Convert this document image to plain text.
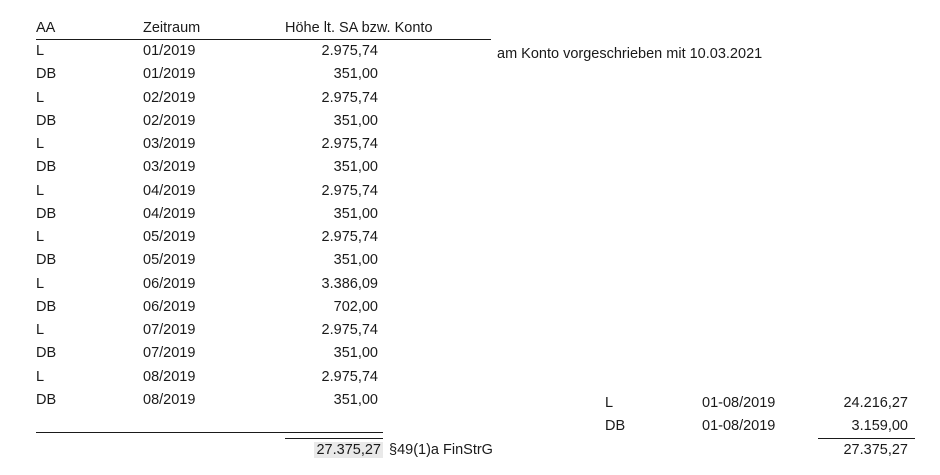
AA	Zeitraum	Höhe lt. SA bzw. Konto
am Konto vorgeschrieben mit 10.03.2021
L	01/2019	2.975,74
DB	01/2019	351,00
L	02/2019	2.975,74
DB	02/2019	351,00
L	03/2019	2.975,74
DB	03/2019	351,00
L	04/2019	2.975,74
DB	04/2019	351,00
L	05/2019	2.975,74
DB	05/2019	351,00
L	06/2019	3.386,09
DB	06/2019	702,00
L	07/2019	2.975,74
DB	07/2019	351,00
L	08/2019	2.975,74
DB	08/2019	351,00
27.375,27 §49(1)a FinStrG
L	01-08/2019	24.216,27
DB	01-08/2019	3.159,00
27.375,27
